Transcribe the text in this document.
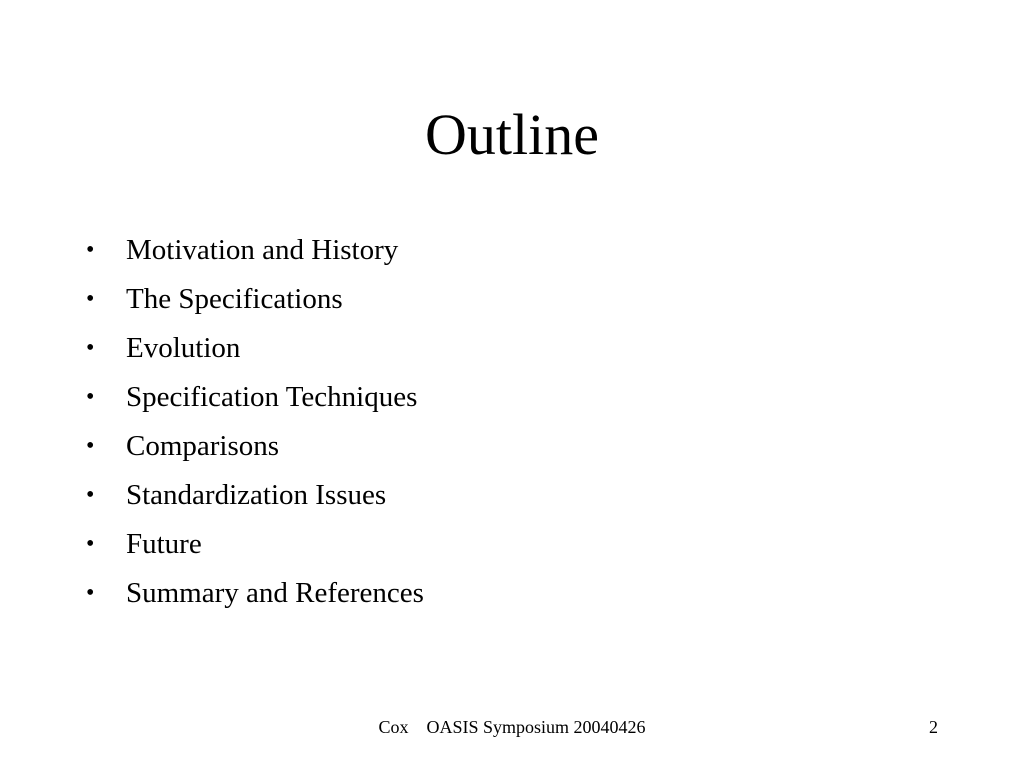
Outline
•	Motivation and History
•	The Specifications
•	Evolution
•	Specification Techniques
•	Comparisons
•	Standardization Issues
•	Future
•	Summary and References
Cox    OASIS Symposium 20040426	2
